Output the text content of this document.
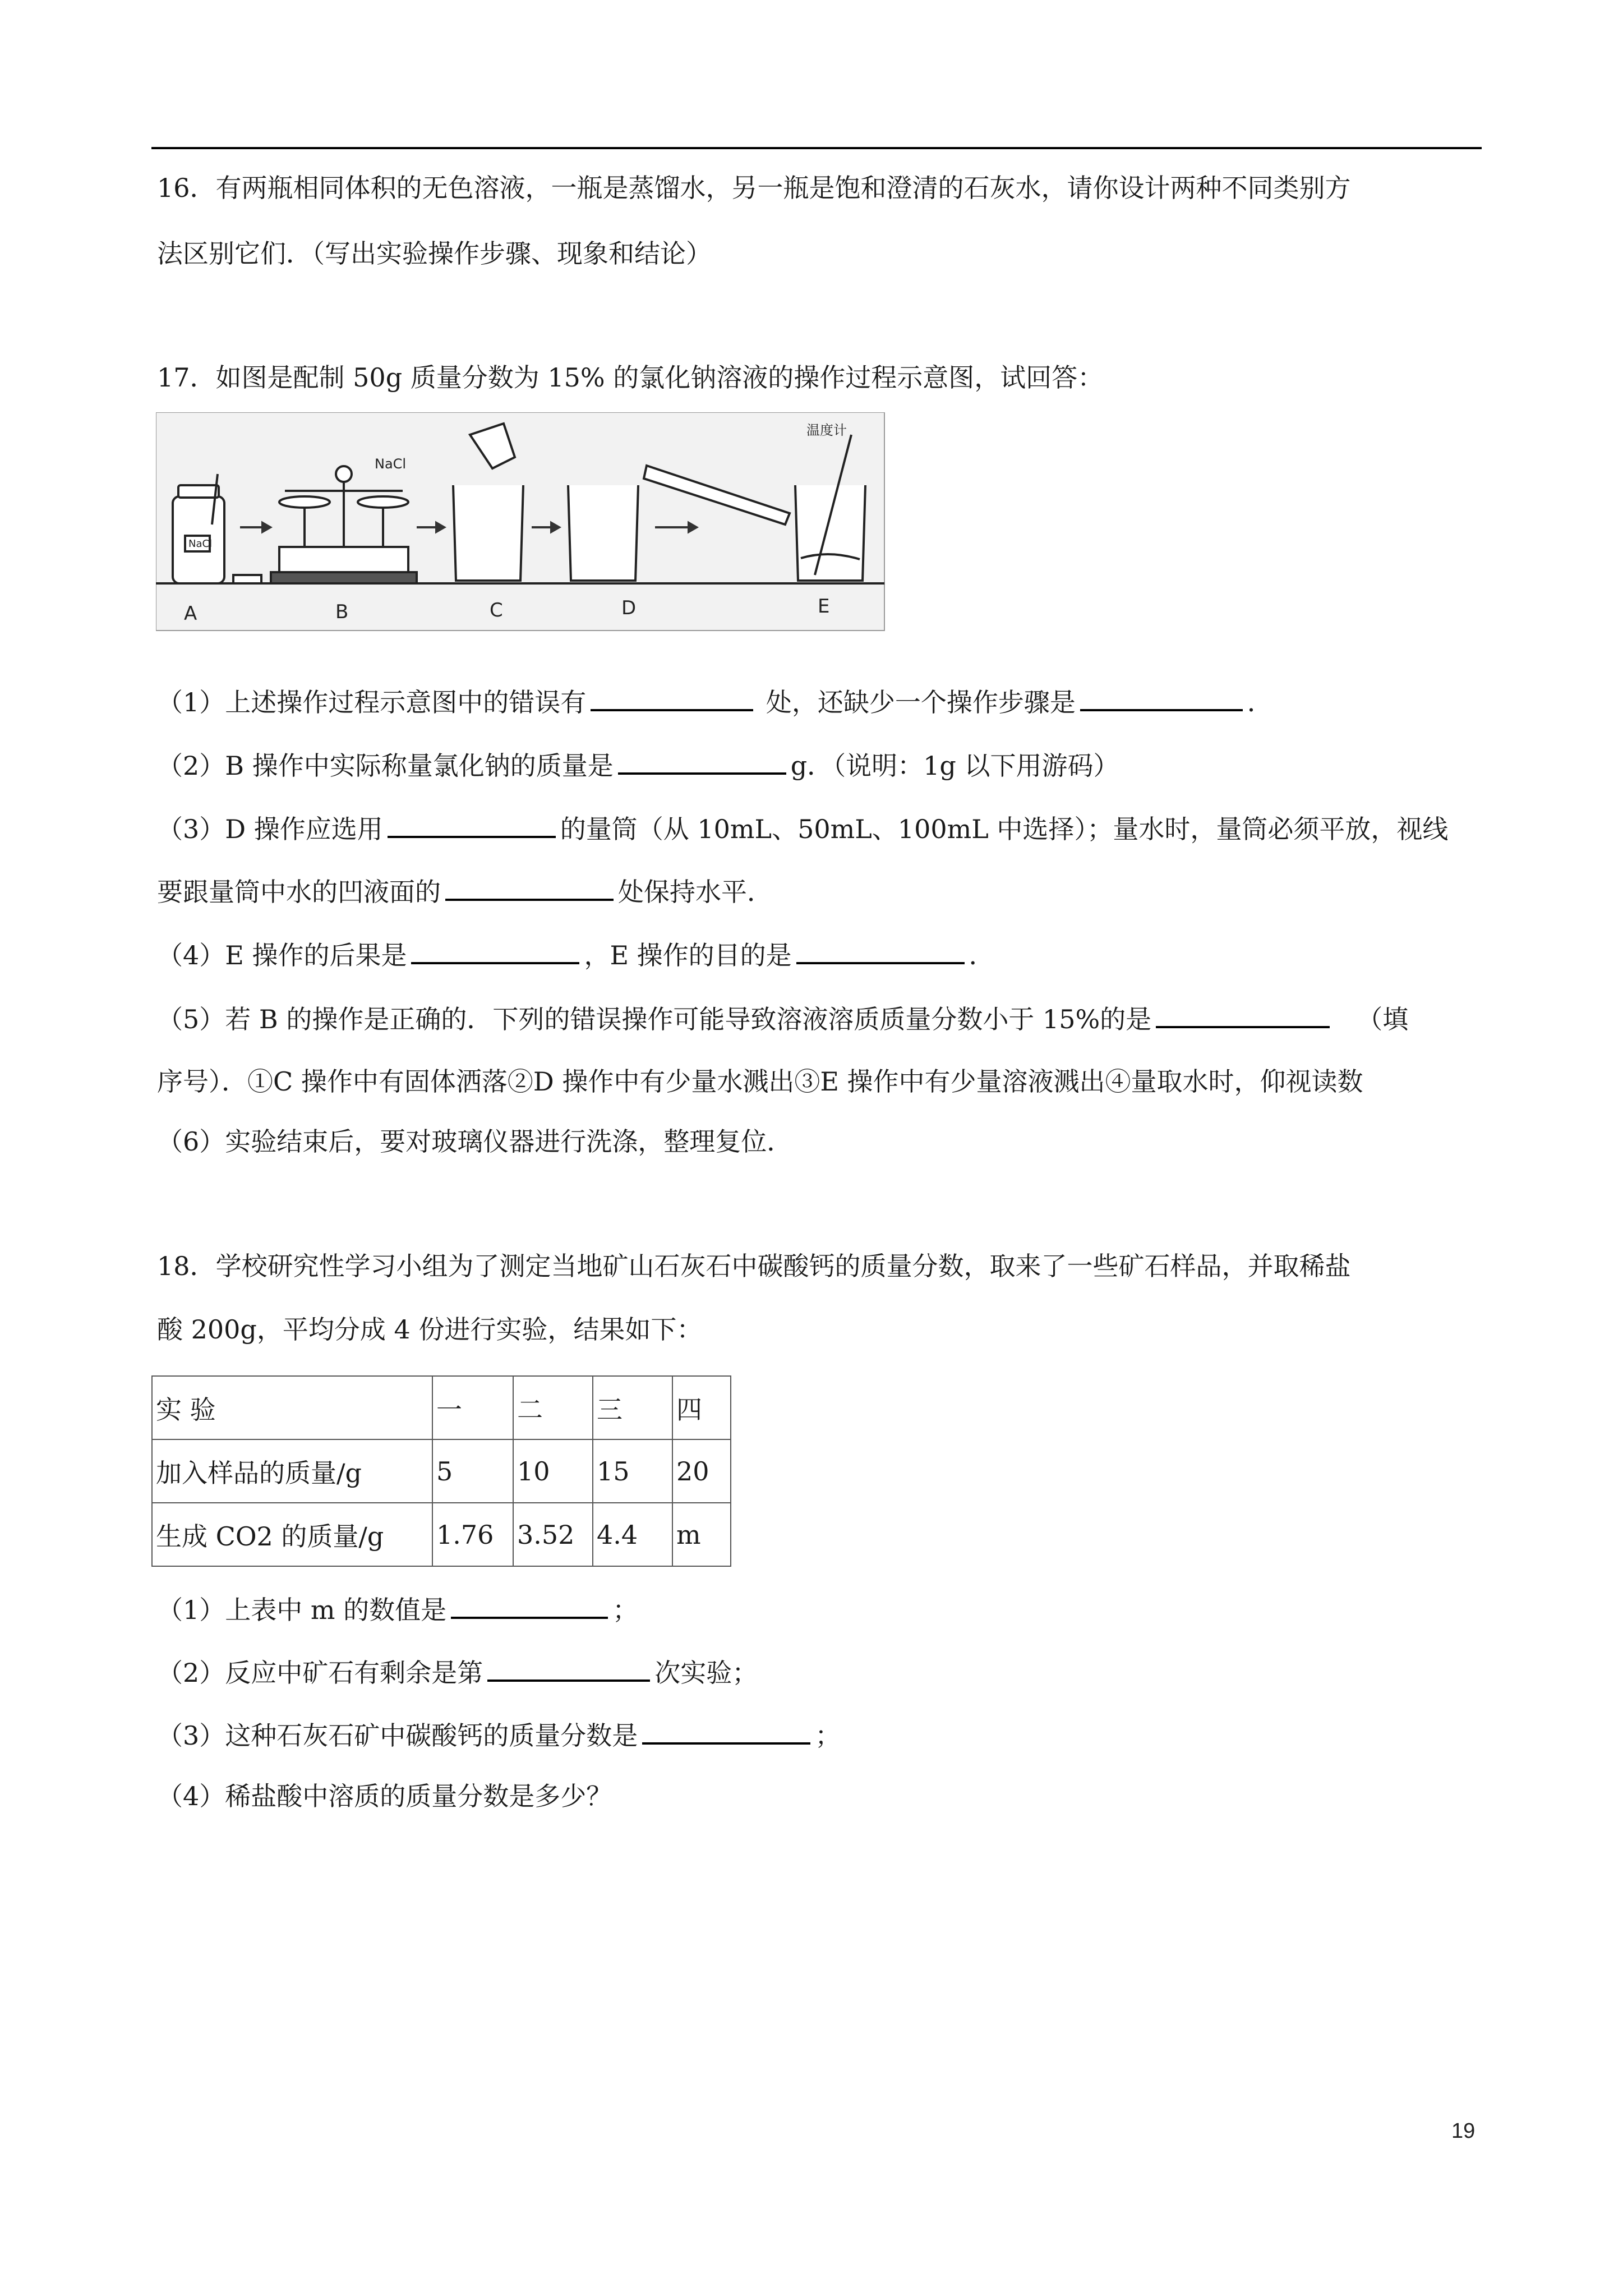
16．有两瓶相同体积的无色溶液，一瓶是蒸馏水，另一瓶是饱和澄清的石灰水，请你设计两种不同类别方
法区别它们．（写出实验操作步骤、现象和结论）
17．如图是配制 50g 质量分数为 15% 的氯化钠溶液的操作过程示意图，试回答：
NaCl
NaCl
温度计
A	B	C	D	E
（1）上述操作过程示意图中的错误有	处，还缺少一个操作步骤是	．
（2）B 操作中实际称量氯化钠的质量是	g．（说明：1g 以下用游码）
（3）D 操作应选用	的量筒（从 10mL、50mL、100mL 中选择）；量水时，量筒必须平放，视线
要跟量筒中水的凹液面的	处保持水平．
（4）E 操作的后果是	，E 操作的目的是	．
（5）若 B 的操作是正确的．下列的错误操作可能导致溶液溶质质量分数小于 15%的是	（填
序号）．①C 操作中有固体洒落②D 操作中有少量水溅出③E 操作中有少量溶液溅出④量取水时，仰视读数
（6）实验结束后，要对玻璃仪器进行洗涤，整理复位．
18．学校研究性学习小组为了测定当地矿山石灰石中碳酸钙的质量分数，取来了一些矿石样品，并取稀盐
酸 200g，平均分成 4 份进行实验，结果如下：
实 验	一	二	三	四
加入样品的质量/g	5	10	15	20
生成 CO2 的质量/g	1.76	3.52	4.4	m
（1）上表中 m 的数值是	；
（2）反应中矿石有剩余是第	次实验；
（3）这种石灰石矿中碳酸钙的质量分数是	；
（4）稀盐酸中溶质的质量分数是多少？
19
